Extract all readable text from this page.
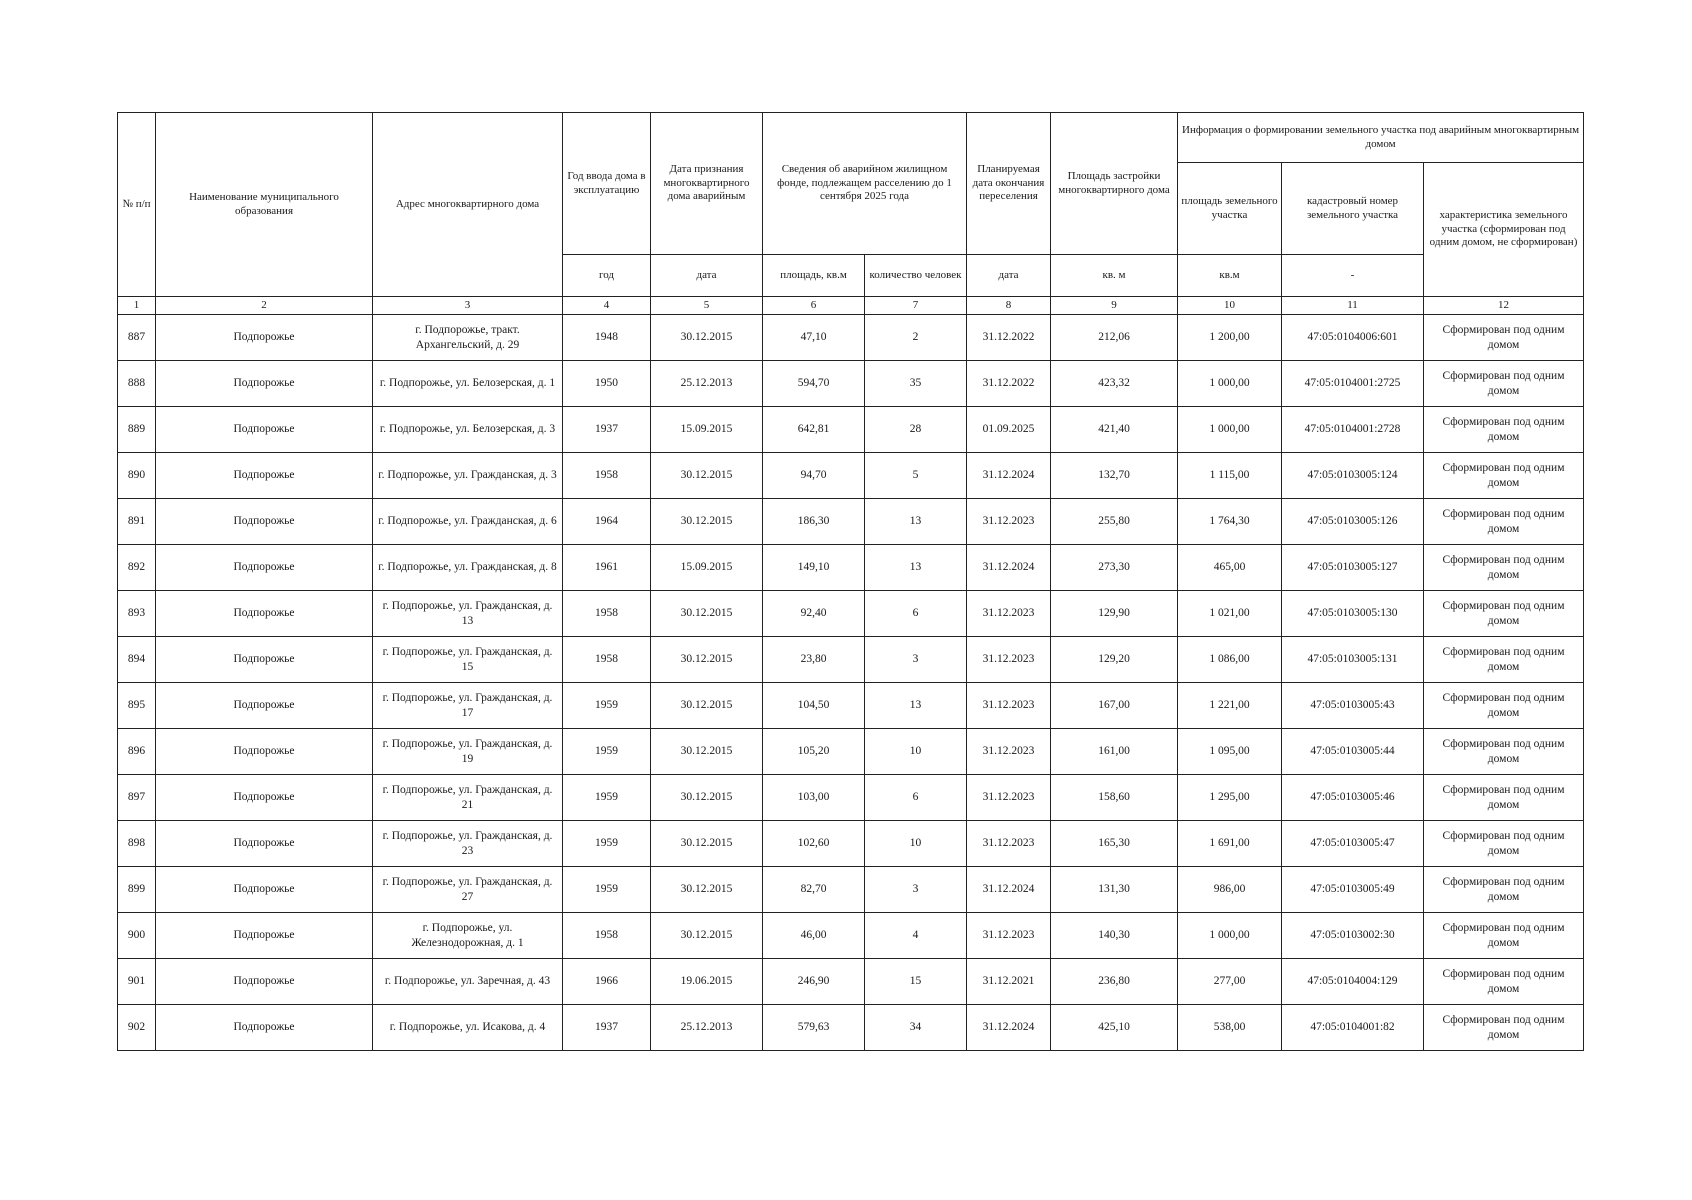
№ п/п	Наименование муниципального образования	Адрес многоквартирного дома	Год ввода дома в эксплуатацию	Дата признания многоквартирного дома аварийным	Сведения об аварийном жилищном фонде, подлежащем расселению до 1 сентября 2025 года		Планируемая дата окончания переселения	Площадь застройки многоквартирного дома	Информация о формировании земельного участка под аварийным многоквартирным домом		
									площадь земельного участка	кадастровый номер земельного участка	характеристика земельного участка (сформирован под одним домом, не сформирован)
			год	дата	площадь, кв.м	количество человек	дата	кв. м	кв.м	-	
1	2	3	4	5	6	7	8	9	10	11	12
887	Подпорожье	г. Подпорожье, тракт. Архангельский, д. 29	1948	30.12.2015	47,10	2	31.12.2022	212,06	1 200,00	47:05:0104006:601	Сформирован под одним домом
888	Подпорожье	г. Подпорожье, ул. Белозерская, д. 1	1950	25.12.2013	594,70	35	31.12.2022	423,32	1 000,00	47:05:0104001:2725	Сформирован под одним домом
889	Подпорожье	г. Подпорожье, ул. Белозерская, д. 3	1937	15.09.2015	642,81	28	01.09.2025	421,40	1 000,00	47:05:0104001:2728	Сформирован под одним домом
890	Подпорожье	г. Подпорожье, ул. Гражданская, д. 3	1958	30.12.2015	94,70	5	31.12.2024	132,70	1 115,00	47:05:0103005:124	Сформирован под одним домом
891	Подпорожье	г. Подпорожье, ул. Гражданская, д. 6	1964	30.12.2015	186,30	13	31.12.2023	255,80	1 764,30	47:05:0103005:126	Сформирован под одним домом
892	Подпорожье	г. Подпорожье, ул. Гражданская, д. 8	1961	15.09.2015	149,10	13	31.12.2024	273,30	465,00	47:05:0103005:127	Сформирован под одним домом
893	Подпорожье	г. Подпорожье, ул. Гражданская, д. 13	1958	30.12.2015	92,40	6	31.12.2023	129,90	1 021,00	47:05:0103005:130	Сформирован под одним домом
894	Подпорожье	г. Подпорожье, ул. Гражданская, д. 15	1958	30.12.2015	23,80	3	31.12.2023	129,20	1 086,00	47:05:0103005:131	Сформирован под одним домом
895	Подпорожье	г. Подпорожье, ул. Гражданская, д. 17	1959	30.12.2015	104,50	13	31.12.2023	167,00	1 221,00	47:05:0103005:43	Сформирован под одним домом
896	Подпорожье	г. Подпорожье, ул. Гражданская, д. 19	1959	30.12.2015	105,20	10	31.12.2023	161,00	1 095,00	47:05:0103005:44	Сформирован под одним домом
897	Подпорожье	г. Подпорожье, ул. Гражданская, д. 21	1959	30.12.2015	103,00	6	31.12.2023	158,60	1 295,00	47:05:0103005:46	Сформирован под одним домом
898	Подпорожье	г. Подпорожье, ул. Гражданская, д. 23	1959	30.12.2015	102,60	10	31.12.2023	165,30	1 691,00	47:05:0103005:47	Сформирован под одним домом
899	Подпорожье	г. Подпорожье, ул. Гражданская, д. 27	1959	30.12.2015	82,70	3	31.12.2024	131,30	986,00	47:05:0103005:49	Сформирован под одним домом
900	Подпорожье	г. Подпорожье, ул. Железнодорожная, д. 1	1958	30.12.2015	46,00	4	31.12.2023	140,30	1 000,00	47:05:0103002:30	Сформирован под одним домом
901	Подпорожье	г. Подпорожье, ул. Заречная, д. 43	1966	19.06.2015	246,90	15	31.12.2021	236,80	277,00	47:05:0104004:129	Сформирован под одним домом
902	Подпорожье	г. Подпорожье, ул. Исакова, д. 4	1937	25.12.2013	579,63	34	31.12.2024	425,10	538,00	47:05:0104001:82	Сформирован под одним домом
